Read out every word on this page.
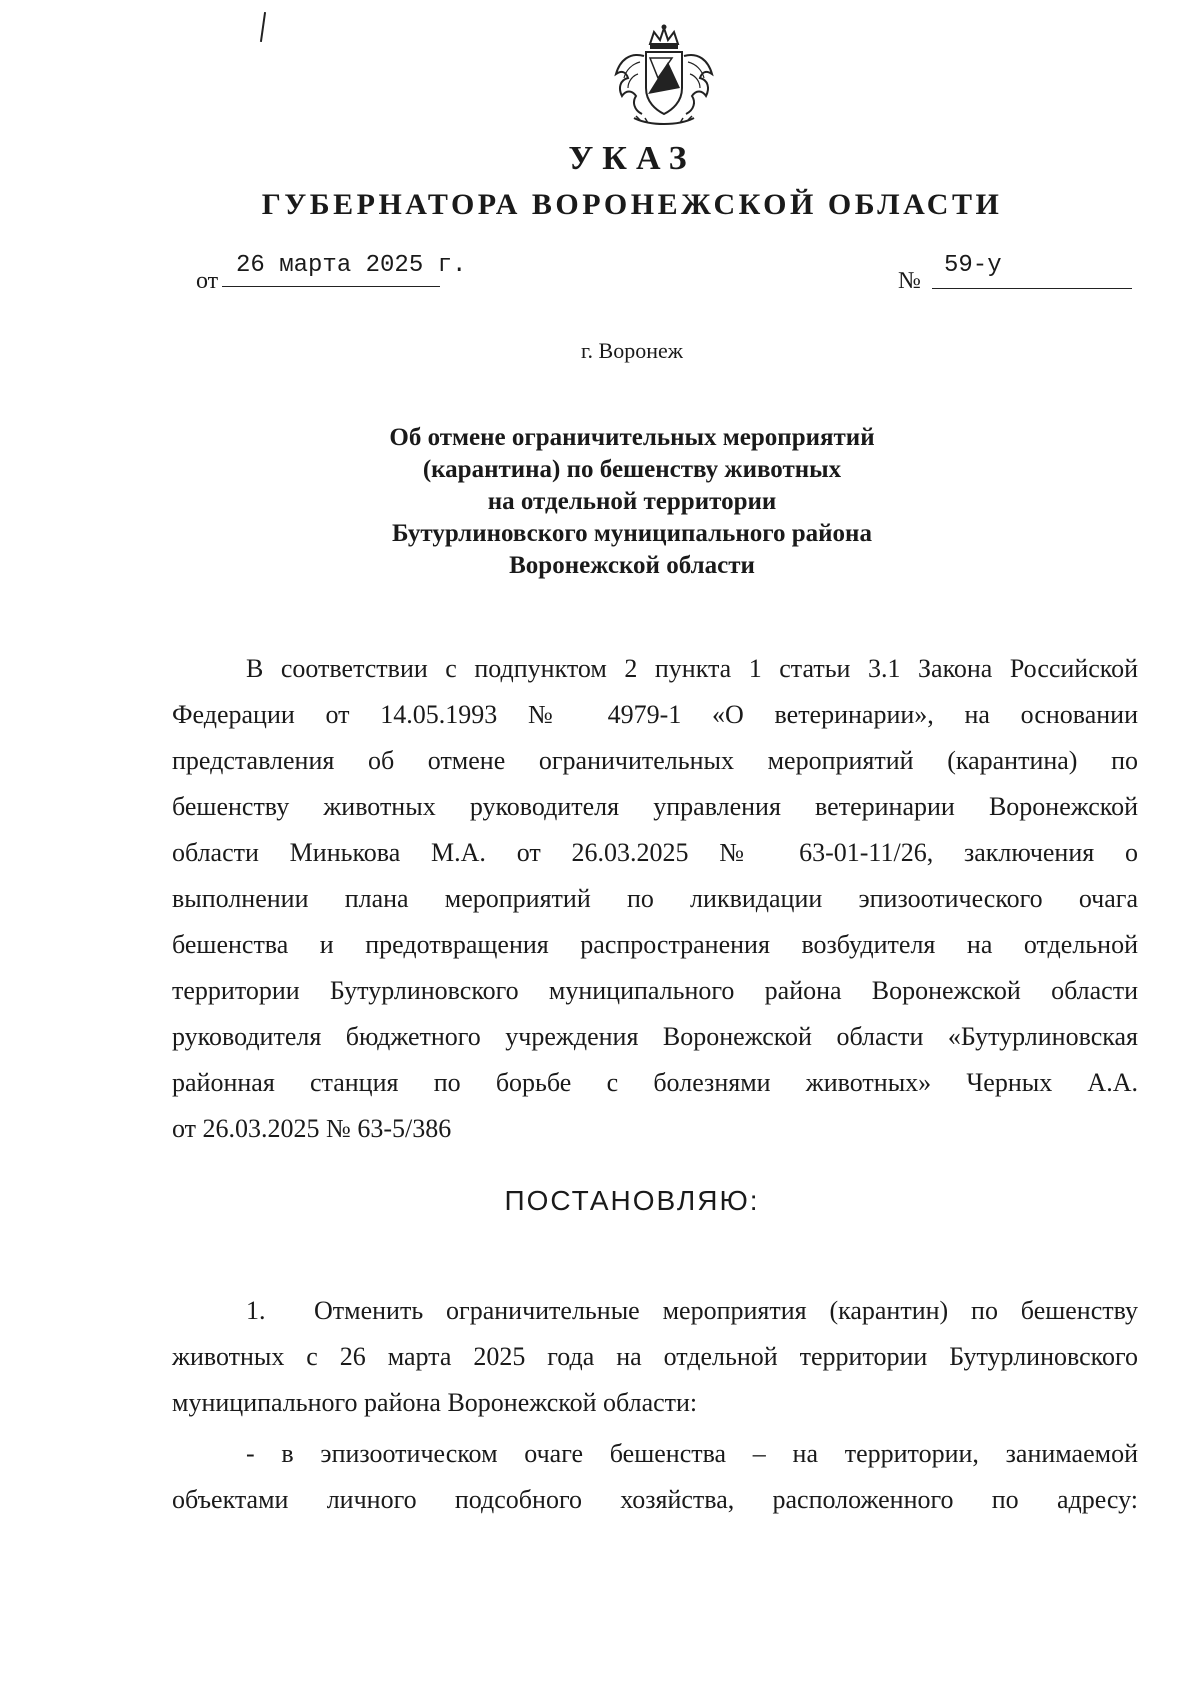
УКАЗ
ГУБЕРНАТОРА ВОРОНЕЖСКОЙ ОБЛАСТИ
от
26 марта 2025 г.
№
59-у
г. Воронеж
Об отмене ограничительных мероприятий
(карантина) по бешенству животных
на отдельной территории
Бутурлиновского муниципального района
Воронежской области
В соответствии с подпунктом 2 пункта 1 статьи 3.1 Закона Российской
Федерации от 14.05.1993 № 4979-1 «О ветеринарии», на основании
представления об отмене ограничительных мероприятий (карантина) по
бешенству животных руководителя управления ветеринарии Воронежской
области Минькова М.А. от 26.03.2025 № 63-01-11/26, заключения о
выполнении плана мероприятий по ликвидации эпизоотического очага
бешенства и предотвращения распространения возбудителя на отдельной
территории Бутурлиновского муниципального района Воронежской области
руководителя бюджетного учреждения Воронежской области «Бутурлиновская
районная станция по борьбе с болезнями животных» Черных А.А.
от 26.03.2025 № 63-5/386
ПОСТАНОВЛЯЮ:
1. Отменить ограничительные мероприятия (карантин) по бешенству
животных с 26 марта 2025 года на отдельной территории Бутурлиновского
муниципального района Воронежской области:
- в эпизоотическом очаге бешенства – на территории, занимаемой
объектами личного подсобного хозяйства, расположенного по адресу:
